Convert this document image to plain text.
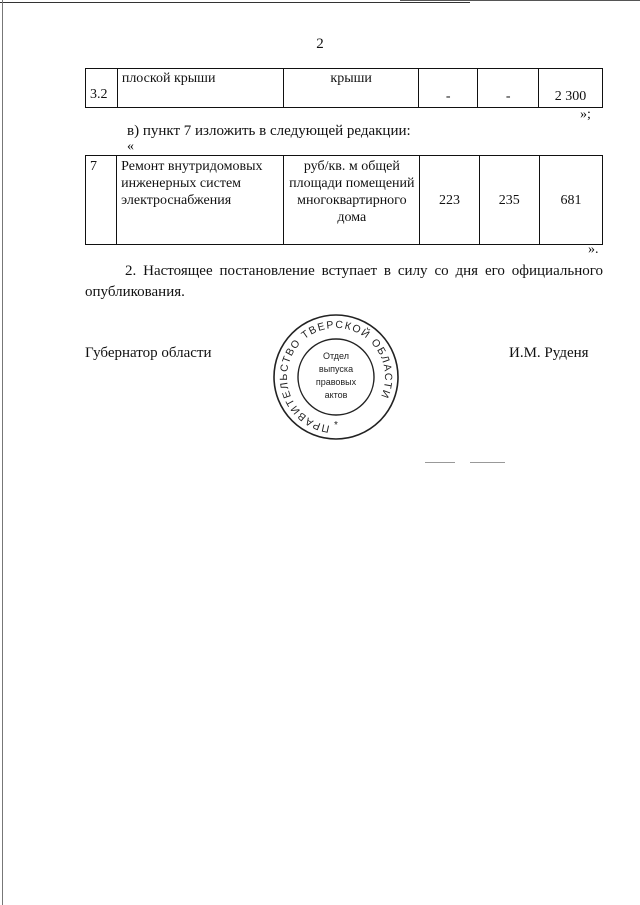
2
3.2	плоской крыши	крыши	-	-	2 300
»;
в) пункт 7 изложить в следующей редакции:
«
7	Ремонт внутридомовых инженерных систем электроснабжения	руб/кв. м общей площади помещений многоквартирного дома	223	235	681
».
2. Настоящее постановление вступает в силу со дня его официального опубликования.
Губернатор области	И.М. Руденя
ПРАВИТЕЛЬСТВО ТВЕРСКОЙ ОБЛАСТИ
*
Отдел
выпуска
правовых
актов
